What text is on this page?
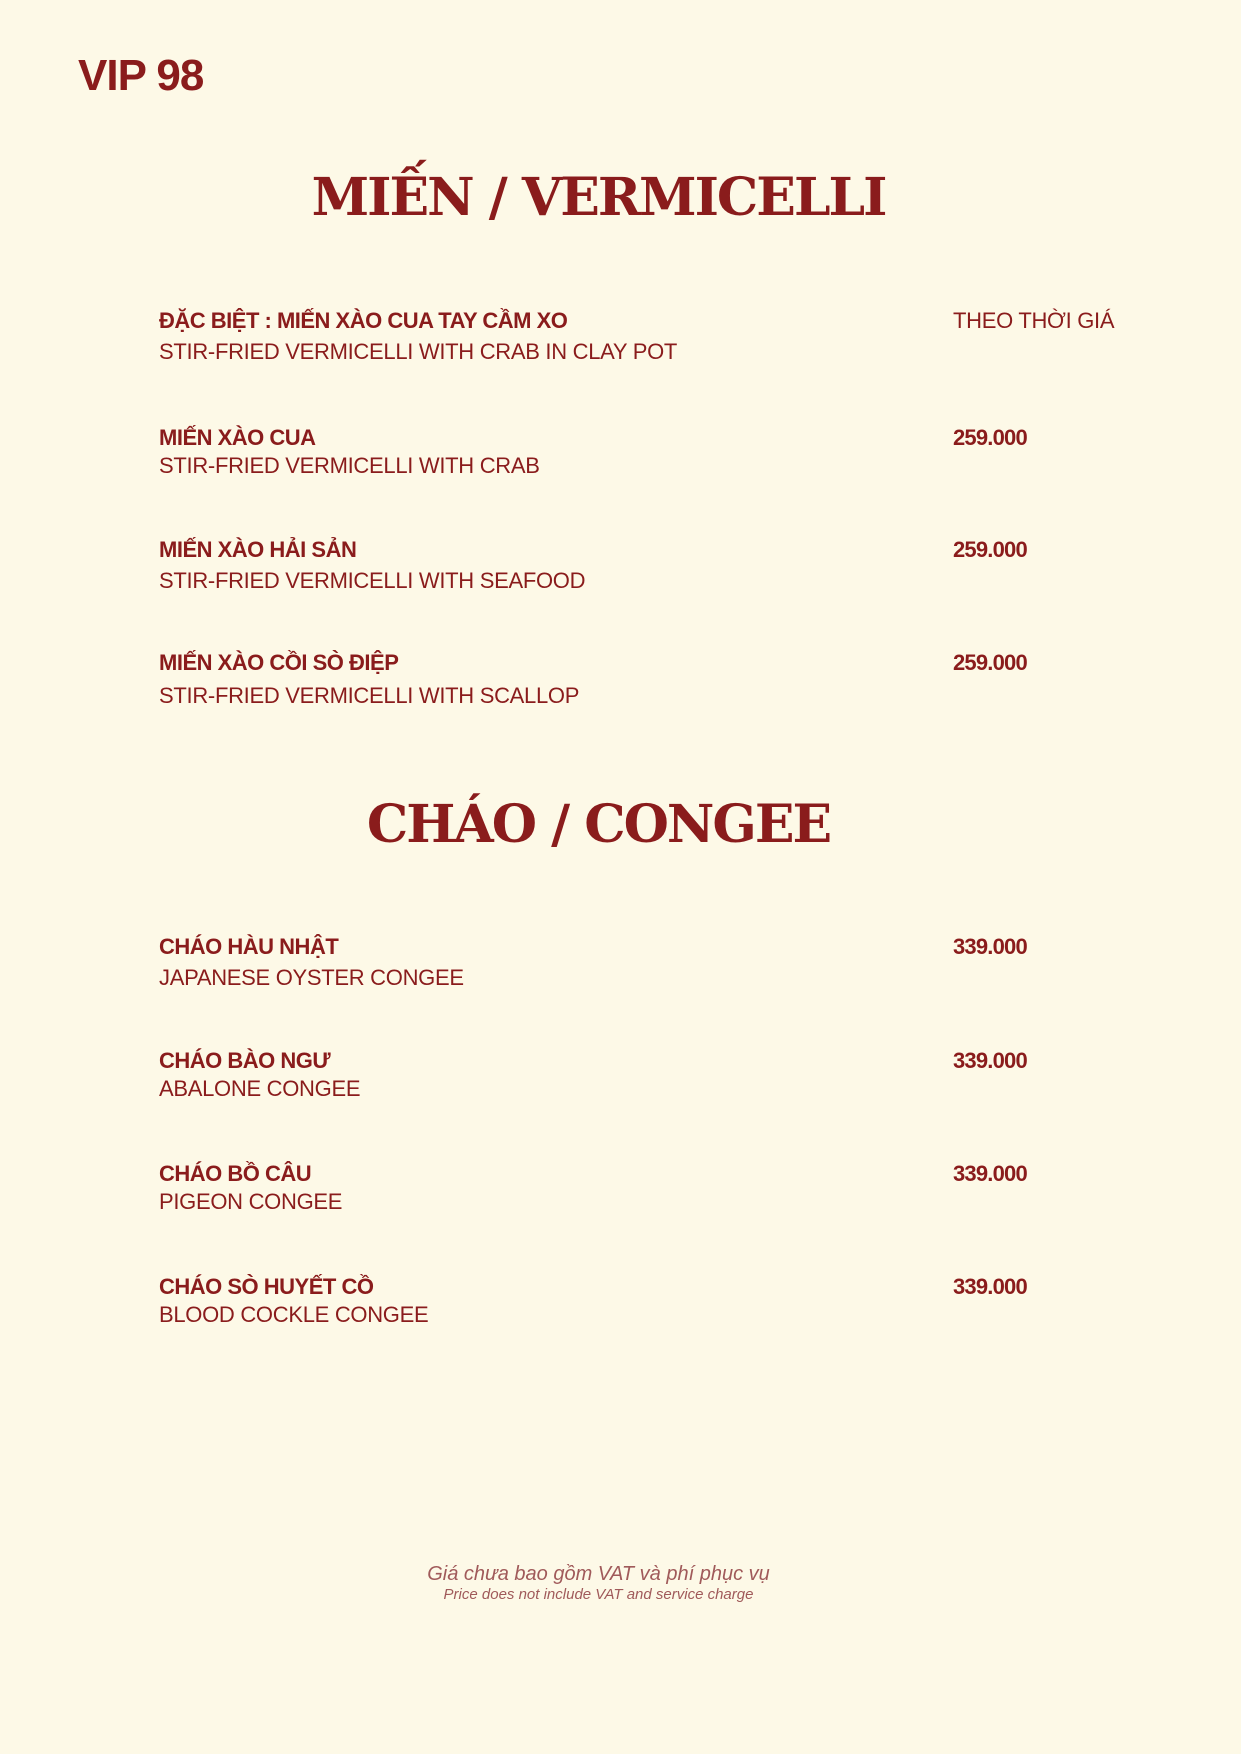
VIP 98
MIẾN / VERMICELLI
ĐẶC BIỆT : MIẾN XÀO CUA TAY CẦM XO
STIR-FRIED VERMICELLI WITH CRAB IN CLAY POT
THEO THỜI GIÁ
MIẾN XÀO CUA
STIR-FRIED VERMICELLI WITH CRAB
259.000
MIẾN XÀO HẢI SẢN
STIR-FRIED VERMICELLI WITH SEAFOOD
259.000
MIẾN XÀO CỒI SÒ ĐIỆP
STIR-FRIED VERMICELLI WITH SCALLOP
259.000
CHÁO / CONGEE
CHÁO HÀU NHẬT
JAPANESE OYSTER CONGEE
339.000
CHÁO BÀO NGƯ
ABALONE CONGEE
339.000
CHÁO BỒ CÂU
PIGEON CONGEE
339.000
CHÁO SÒ HUYẾT CỒ
BLOOD COCKLE CONGEE
339.000
Giá chưa bao gồm VAT và phí phục vụ
Price does not include VAT and service charge
